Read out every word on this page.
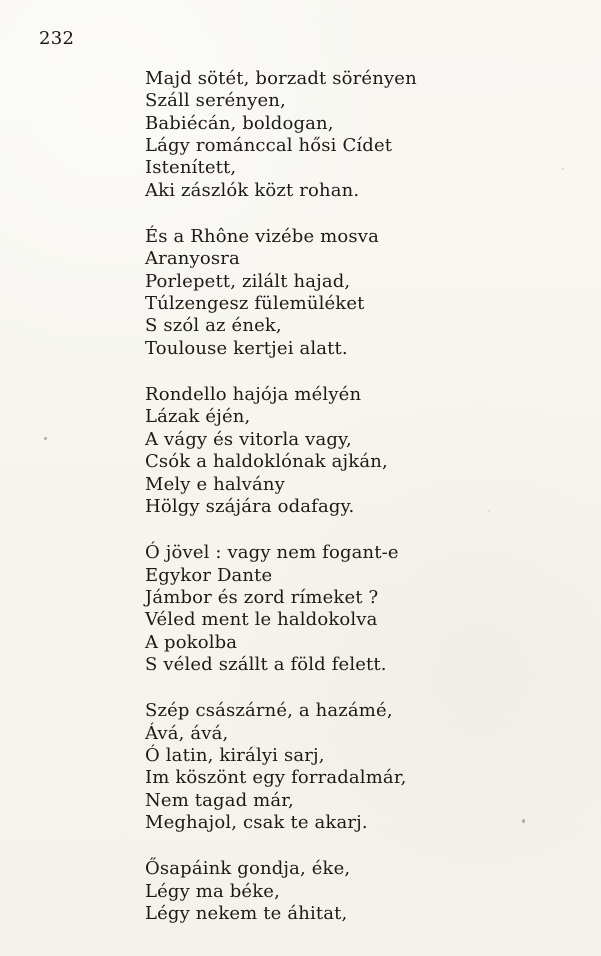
232
Majd sötét, borzadt sörényen
Száll serényen,
Babiécán, boldogan,
Lágy románccal hősi Cídet
Istenített,
Aki zászlók közt rohan.
És a Rhône vizébe mosva
Aranyosra
Porlepett, zilált hajad,
Túlzengesz fülemüléket
S szól az ének,
Toulouse kertjei alatt.
Rondello hajója mélyén
Lázak éjén,
A vágy és vitorla vagy,
Csók a haldoklónak ajkán,
Mely e halvány
Hölgy szájára odafagy.
Ó jövel : vagy nem fogant-e
Egykor Dante
Jámbor és zord rímeket ?
Véled ment le haldokolva
A pokolba
S véled szállt a föld felett.
Szép császárné, a hazámé,
Ává, ává,
Ó latin, királyi sarj,
Im köszönt egy forradalmár,
Nem tagad már,
Meghajol, csak te akarj.
Ősapáink gondja, éke,
Légy ma béke,
Légy nekem te áhitat,
